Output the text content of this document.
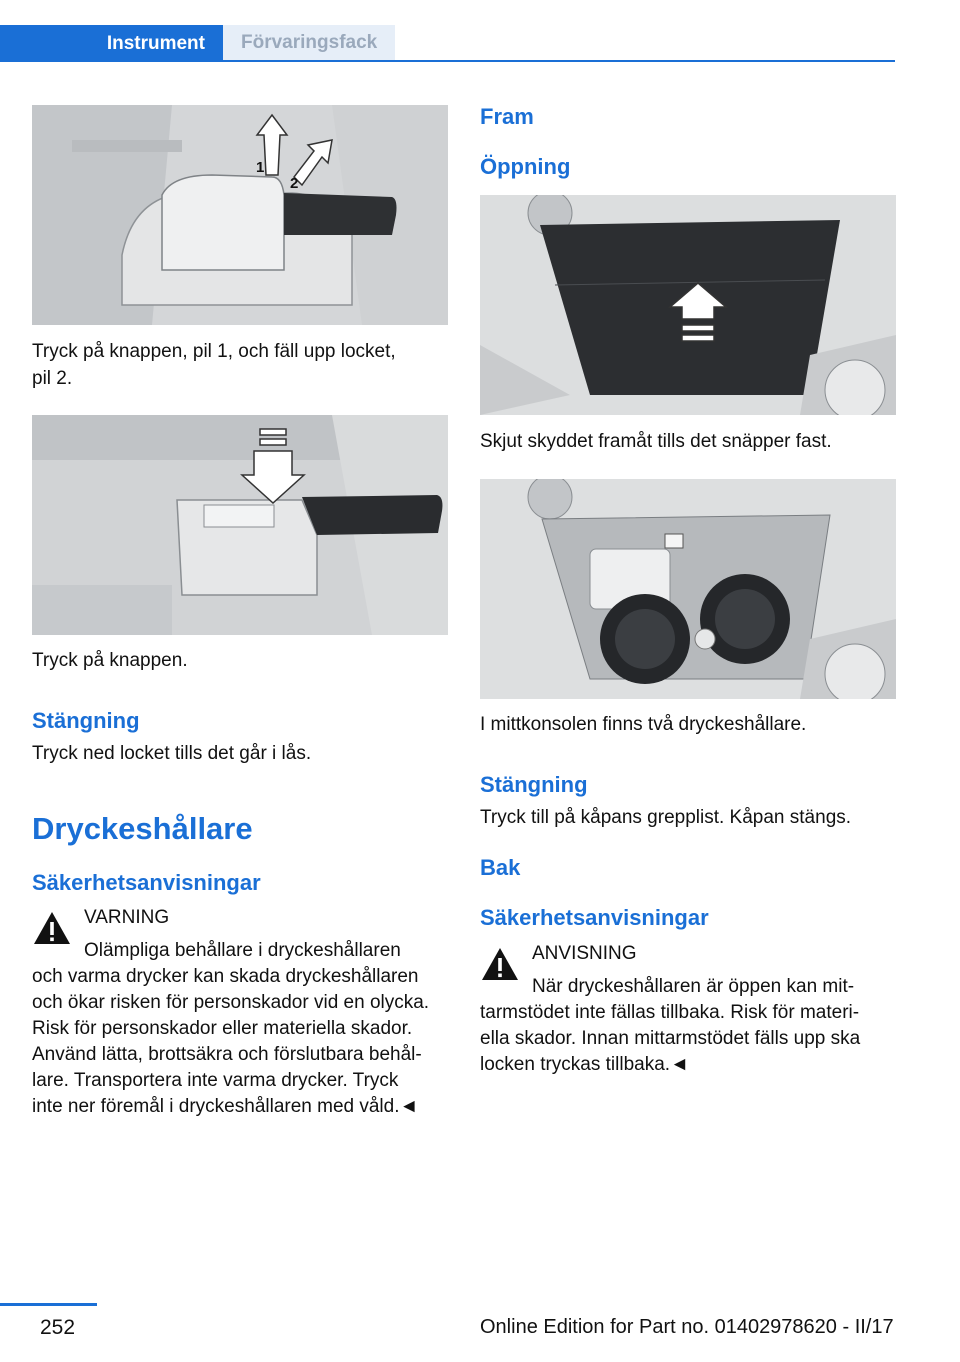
Instrument	Förvaringsfack
1
2
Tryck på knappen, pil 1, och fäll upp locket,
pil 2.
Tryck på knappen.
Stängning
Tryck ned locket tills det går i lås.
Dryckeshållare
Säkerhetsanvisningar
VARNING
Olämpliga behållare i dryckeshållaren
och varma drycker kan skada dryckeshållaren
och ökar risken för personskador vid en olycka.
Risk för personskador eller materiella skador.
Använd lätta, brottsäkra och förslutbara behål-
lare. Transportera inte varma drycker. Tryck
inte ner föremål i dryckeshållaren med våld.◄
Fram
Öppning
Skjut skyddet framåt tills det snäpper fast.
I mittkonsolen finns två dryckeshållare.
Stängning
Tryck till på kåpans grepplist. Kåpan stängs.
Bak
Säkerhetsanvisningar
ANVISNING
När dryckeshållaren är öppen kan mit-
tarmstödet inte fällas tillbaka. Risk för materi-
ella skador. Innan mittarmstödet fälls upp ska
locken tryckas tillbaka.◄
252	Online Edition for Part no. 01402978620 - II/17
